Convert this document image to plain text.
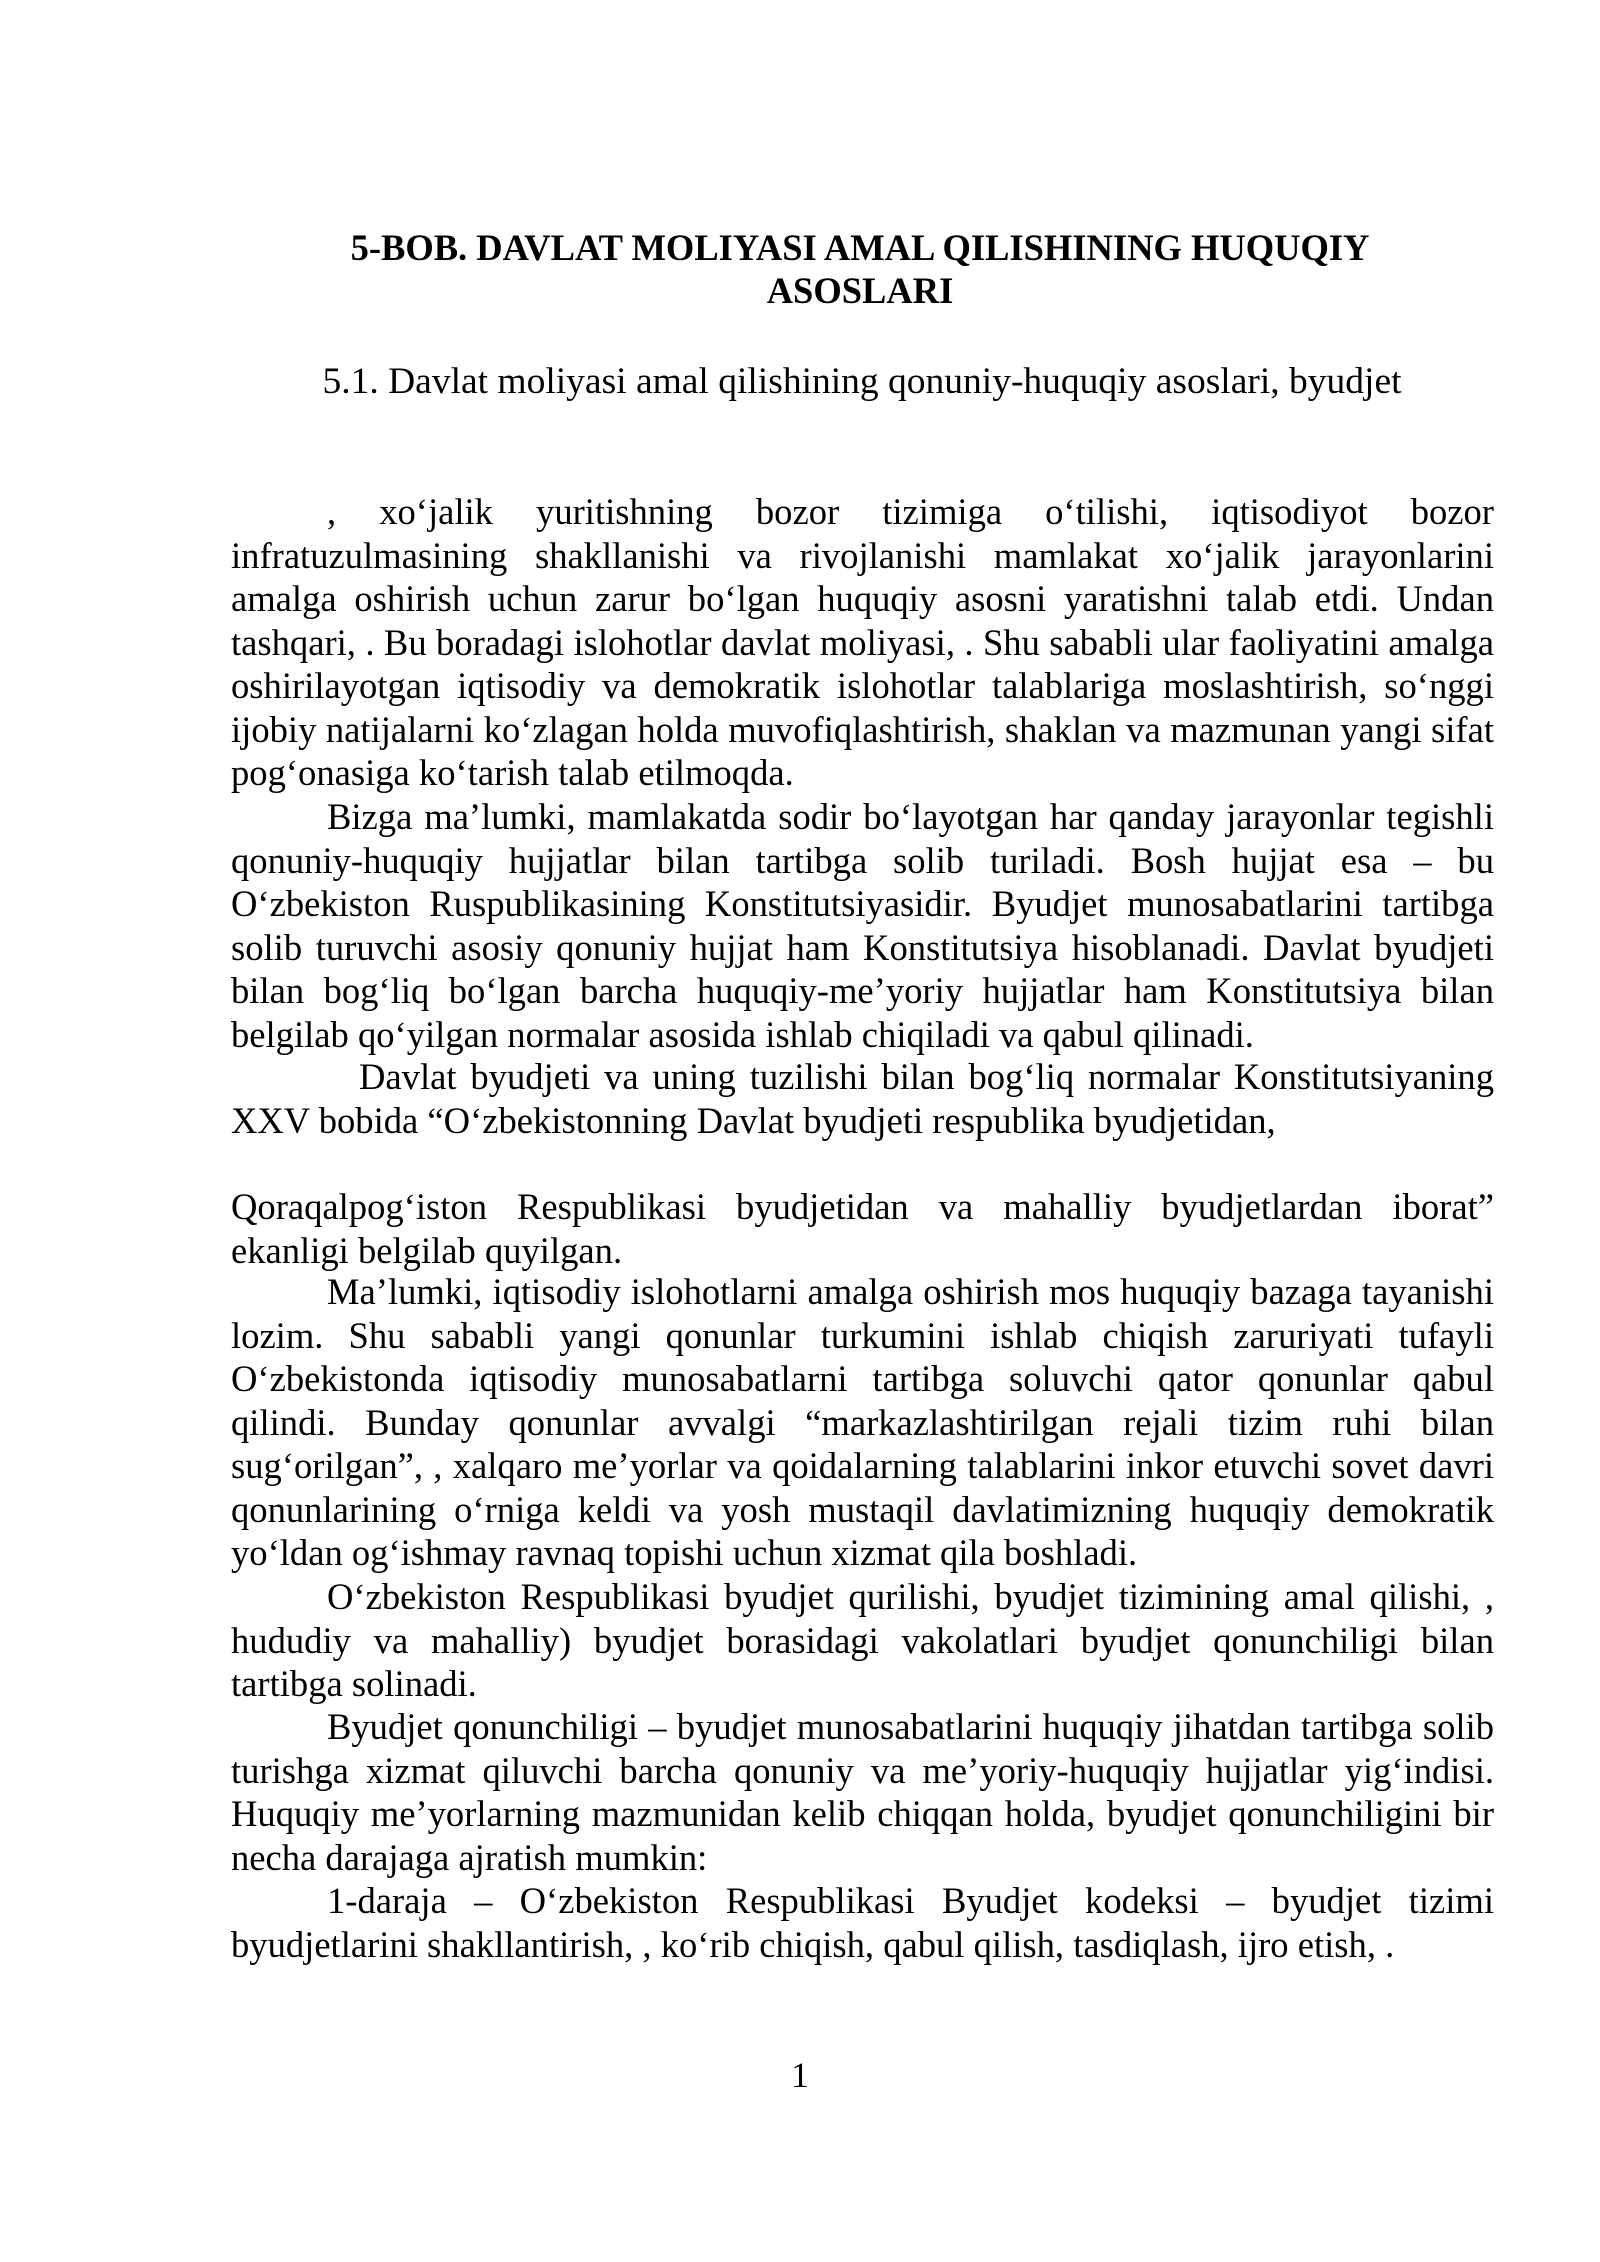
5-BOB. DAVLAT MOLIYASI AMAL QILISHINING HUQUQIY ASOSLARI
5.1. Davlat moliyasi amal qilishining qonuniy-huquqiy asoslari, byudjet

, xo‘jalik yuritishning bozor tizimiga o‘tilishi, iqtisodiyot bozor infratuzulmasining shakllanishi va rivojlanishi mamlakat xo‘jalik jarayonlarini amalga oshirish uchun zarur bo‘lgan huquqiy asosni yaratishni talab etdi. Undan tashqari, . Bu boradagi islohotlar davlat moliyasi, . Shu sababli ular faoliyatini amalga oshirilayotgan iqtisodiy va demokratik islohotlar talablariga moslashtirish, so‘nggi ijobiy natijalarni ko‘zlagan holda muvofiqlashtirish, shaklan va mazmunan yangi sifat pog‘onasiga ko‘tarish talab etilmoqda.

Bizga ma’lumki, mamlakatda sodir bo‘layotgan har qanday jarayonlar tegishli qonuniy-huquqiy hujjatlar bilan tartibga solib turiladi. Bosh hujjat esa – bu O‘zbekiston Ruspublikasining Konstitutsiyasidir. Byudjet munosabatlarini tartibga solib turuvchi asosiy qonuniy hujjat ham Konstitutsiya hisoblanadi. Davlat byudjeti bilan bog‘liq bo‘lgan barcha huquqiy-me’yoriy hujjatlar ham Konstitutsiya bilan belgilab qo‘yilgan normalar asosida ishlab chiqiladi va qabul qilinadi.

Davlat byudjeti va uning tuzilishi bilan bog‘liq normalar Konstitutsiyaning XXV bobida “O‘zbekistonning Davlat byudjeti respublika byudjetidan,

Qoraqalpog‘iston Respublikasi byudjetidan va mahalliy byudjetlardan iborat” ekanligi belgilab quyilgan.

Ma’lumki, iqtisodiy islohotlarni amalga oshirish mos huquqiy bazaga tayanishi lozim. Shu sababli yangi qonunlar turkumini ishlab chiqish zaruriyati tufayli O‘zbekistonda iqtisodiy munosabatlarni tartibga soluvchi qator qonunlar qabul qilindi. Bunday qonunlar avvalgi “markazlashtirilgan rejali tizim ruhi bilan sug‘orilgan”, , xalqaro me’yorlar va qoidalarning talablarini inkor etuvchi sovet davri qonunlarining o‘rniga keldi va yosh mustaqil davlatimizning huquqiy demokratik yo‘ldan og‘ishmay ravnaq topishi uchun xizmat qila boshladi.

O‘zbekiston Respublikasi byudjet qurilishi, byudjet tizimining amal qilishi, , hududiy va mahalliy) byudjet borasidagi vakolatlari byudjet qonunchiligi bilan tartibga solinadi.

Byudjet qonunchiligi – byudjet munosabatlarini huquqiy jihatdan tartibga solib turishga xizmat qiluvchi barcha qonuniy va me’yoriy-huquqiy hujjatlar yig‘indisi. Huquqiy me’yorlarning mazmunidan kelib chiqqan holda, byudjet qonunchiligini bir necha darajaga ajratish mumkin:

1-daraja – O‘zbekiston Respublikasi Byudjet kodeksi – byudjet tizimi byudjetlarini shakllantirish, , ko‘rib chiqish, qabul qilish, tasdiqlash, ijro etish, .

1
